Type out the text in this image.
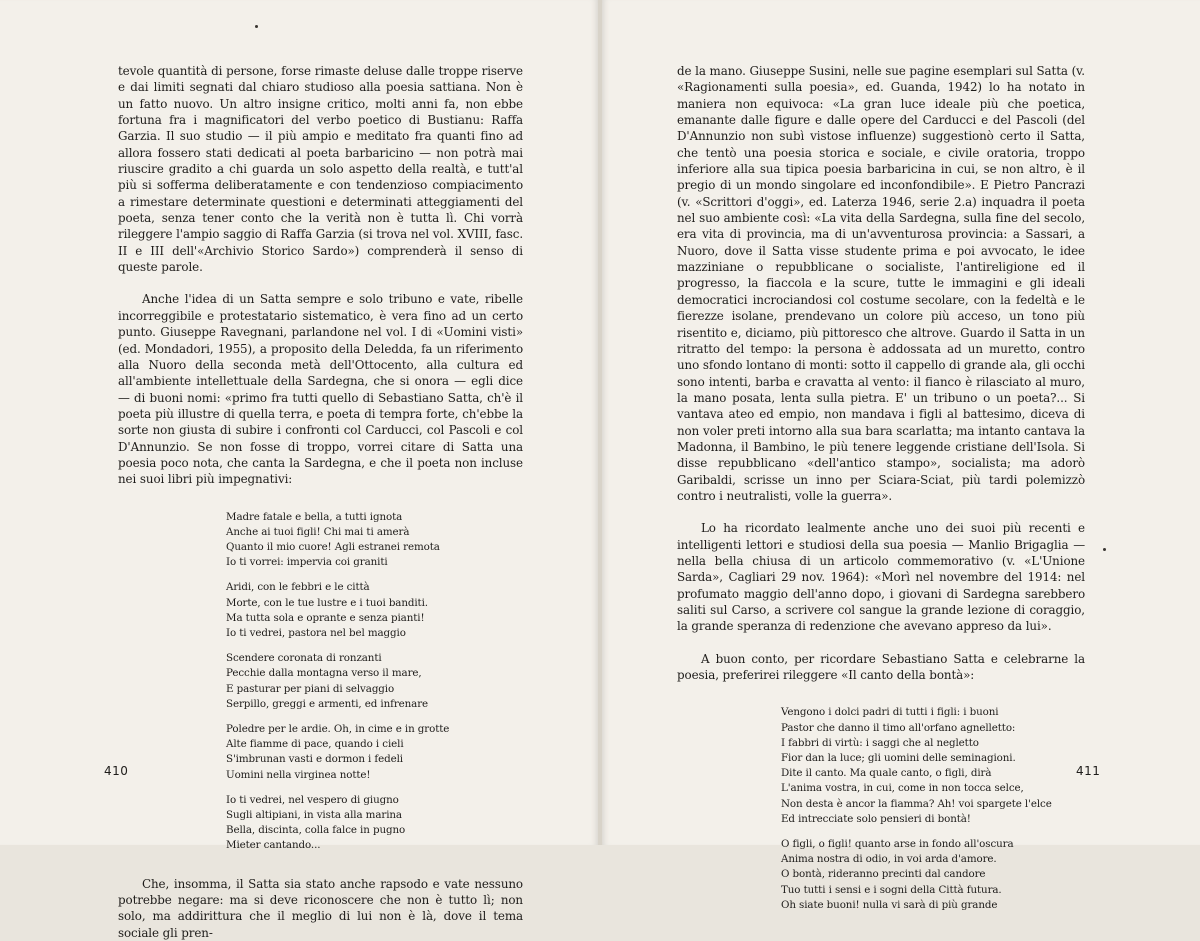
tevole quantità di persone, forse rimaste deluse dalle troppe riserve e dai limiti segnati dal chiaro studioso alla poesia sattiana. Non è un fatto nuovo. Un altro insigne critico, molti anni fa, non ebbe fortuna fra i magnificatori del verbo poetico di Bustianu: Raffa Garzia. Il suo studio — il più ampio e meditato fra quanti fino ad allora fossero stati dedicati al poeta barbaricino — non potrà mai riuscire gradito a chi guarda un solo aspetto della realtà, e tutt'al più si sofferma deliberatamente e con tendenzioso compiacimento a rimestare determinate questioni e determinati atteggiamenti del poeta, senza tener conto che la verità non è tutta lì. Chi vorrà rileggere l'ampio saggio di Raffa Garzia (si trova nel vol. XVIII, fasc. II e III dell'«Archivio Storico Sardo») comprenderà il senso di queste parole.

Anche l'idea di un Satta sempre e solo tribuno e vate, ribelle incorreggibile e protestatario sistematico, è vera fino ad un certo punto. Giuseppe Ravegnani, parlandone nel vol. I di «Uomini visti» (ed. Mondadori, 1955), a proposito della Deledda, fa un riferimento alla Nuoro della seconda metà dell'Ottocento, alla cultura ed all'ambiente intellettuale della Sardegna, che si onora — egli dice — di buoni nomi: «primo fra tutti quello di Sebastiano Satta, ch'è il poeta più illustre di quella terra, e poeta di tempra forte, ch'ebbe la sorte non giusta di subire i confronti col Carducci, col Pascoli e col D'Annunzio. Se non fosse di troppo, vorrei citare di Satta una poesia poco nota, che canta la Sardegna, e che il poeta non incluse nei suoi libri più impegnativi:

Madre fatale e bella, a tutti ignota
Anche ai tuoi figli! Chi mai ti amerà
Quanto il mio cuore! Agli estranei remota
Io ti vorrei: impervia coi graniti
Aridi, con le febbri e le città
Morte, con le tue lustre e i tuoi banditi.
Ma tutta sola e oprante e senza pianti!
Io ti vedrei, pastora nel bel maggio
Scendere coronata di ronzanti
Pecchie dalla montagna verso il mare,
E pasturar per piani di selvaggio
Serpillo, greggi e armenti, ed infrenare
Poledre per le ardie. Oh, in cime e in grotte
Alte fiamme di pace, quando i cieli
S'imbrunan vasti e dormon i fedeli
Uomini nella virginea notte!
Io ti vedrei, nel vespero di giugno
Sugli altipiani, in vista alla marina
Bella, discinta, colla falce in pugno
Mieter cantando...

Che, insomma, il Satta sia stato anche rapsodo e vate nessuno potrebbe negare: ma si deve riconoscere che non è tutto lì; non solo, ma addirittura che il meglio di lui non è là, dove il tema sociale gli pren-

410

de la mano. Giuseppe Susini, nelle sue pagine esemplari sul Satta (v. «Ragionamenti sulla poesia», ed. Guanda, 1942) lo ha notato in maniera non equivoca: «La gran luce ideale più che poetica, emanante dalle figure e dalle opere del Carducci e del Pascoli (del D'Annunzio non subì vistose influenze) suggestionò certo il Satta, che tentò una poesia storica e sociale, e civile oratoria, troppo inferiore alla sua tipica poesia barbaricina in cui, se non altro, è il pregio di un mondo singolare ed inconfondibile». E Pietro Pancrazi (v. «Scrittori d'oggi», ed. Laterza 1946, serie 2.a) inquadra il poeta nel suo ambiente così: «La vita della Sardegna, sulla fine del secolo, era vita di provincia, ma di un'avventurosa provincia: a Sassari, a Nuoro, dove il Satta visse studente prima e poi avvocato, le idee mazziniane o repubblicane o socialiste, l'antireligione ed il progresso, la fiaccola e la scure, tutte le immagini e gli ideali democratici incrociandosi col costume secolare, con la fedeltà e le fierezze isolane, prendevano un colore più acceso, un tono più risentito e, diciamo, più pittoresco che altrove. Guardo il Satta in un ritratto del tempo: la persona è addossata ad un muretto, contro uno sfondo lontano di monti: sotto il cappello di grande ala, gli occhi sono intenti, barba e cravatta al vento: il fianco è rilasciato al muro, la mano posata, lenta sulla pietra. E' un tribuno o un poeta?... Si vantava ateo ed empio, non mandava i figli al battesimo, diceva di non voler preti intorno alla sua bara scarlatta; ma intanto cantava la Madonna, il Bambino, le più tenere leggende cristiane dell'Isola. Si disse repubblicano «dell'antico stampo», socialista; ma adorò Garibaldi, scrisse un inno per Sciara-Sciat, più tardi polemizzò contro i neutralisti, volle la guerra».

Lo ha ricordato lealmente anche uno dei suoi più recenti e intelligenti lettori e studiosi della sua poesia — Manlio Brigaglia — nella bella chiusa di un articolo commemorativo (v. «L'Unione Sarda», Cagliari 29 nov. 1964): «Morì nel novembre del 1914: nel profumato maggio dell'anno dopo, i giovani di Sardegna sarebbero saliti sul Carso, a scrivere col sangue la grande lezione di coraggio, la grande speranza di redenzione che avevano appreso da lui».

A buon conto, per ricordare Sebastiano Satta e celebrarne la poesia, preferirei rileggere «Il canto della bontà»:

Vengono i dolci padri di tutti i figli: i buoni
Pastor che danno il timo all'orfano agnelletto:
I fabbri di virtù: i saggi che al negletto
Fior dan la luce; gli uomini delle seminagioni.
Dite il canto. Ma quale canto, o figli, dirà
L'anima vostra, in cui, come in non tocca selce,
Non desta è ancor la fiamma? Ah! voi spargete l'elce
Ed intrecciate solo pensieri di bontà!
O figli, o figli! quanto arse in fondo all'oscura
Anima nostra di odio, in voi arda d'amore.
O bontà, rideranno precinti dal candore
Tuo tutti i sensi e i sogni della Città futura.
Oh siate buoni! nulla vi sarà di più grande
411
